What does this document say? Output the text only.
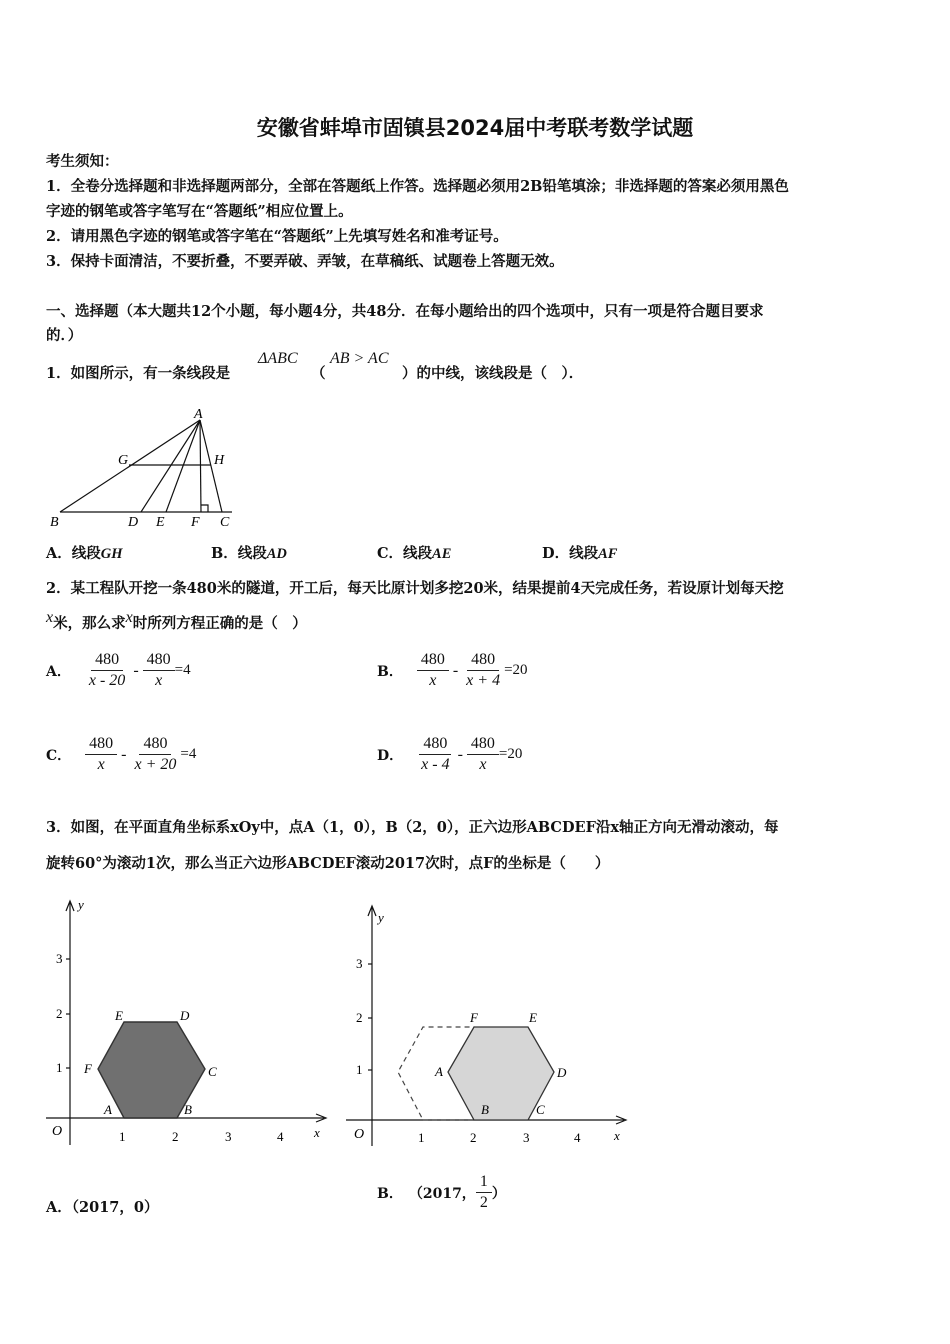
安徽省蚌埠市固镇县2024届中考联考数学试题
考生须知：
1．全卷分选择题和非选择题两部分，全部在答题纸上作答。选择题必须用2B铅笔填涂；非选择题的答案必须用黑色
字迹的钢笔或答字笔写在“答题纸”相应位置上。
2．请用黑色字迹的钢笔或答字笔在“答题纸”上先填写姓名和准考证号。
3．保持卡面清洁，不要折叠，不要弄破、弄皱，在草稿纸、试题卷上答题无效。
一、选择题（本大题共12个小题，每小题4分，共48分．在每小题给出的四个选项中，只有一项是符合题目要求
的．）
1．如图所示，有一条线段是
ΔABC
（
AB > AC
）的中线，该线段是（　）．
A
G	H
B	D E F C
A．线段GH	B．线段AD	C．线段AE	D．线段AF
2．某工程队开挖一条480米的隧道，开工后，每天比原计划多挖20米，结果提前4天完成任务，若设原计划每天挖
x米，那么求x时所列方程正确的是（　）
A． $\frac{480}{x - 20} - \frac{480}{x} =4$	B． $\frac{480}{x} - \frac{480}{x + 4} =20$
C． $\frac{480}{x} - \frac{480}{x + 20} =4$	D． $\frac{480}{x - 4} - \frac{480}{x} =20$
3．如图，在平面直角坐标系xOy中，点A（1，0），B（2，0），正六边形ABCDEF沿x轴正方向无滑动滚动，每
旋转60°为滚动1次，那么当正六边形ABCDEF滚动2017次时，点F的坐标是（　　）
y
x
O
3
2
1
1	2	3	4
A	B
C
D
E
F
y
x
O
3
2
1
1	2	3	4
A
B	C
D
E
F
A．（2017，0）
B． （2017， $\frac{1}{2}$ ）
